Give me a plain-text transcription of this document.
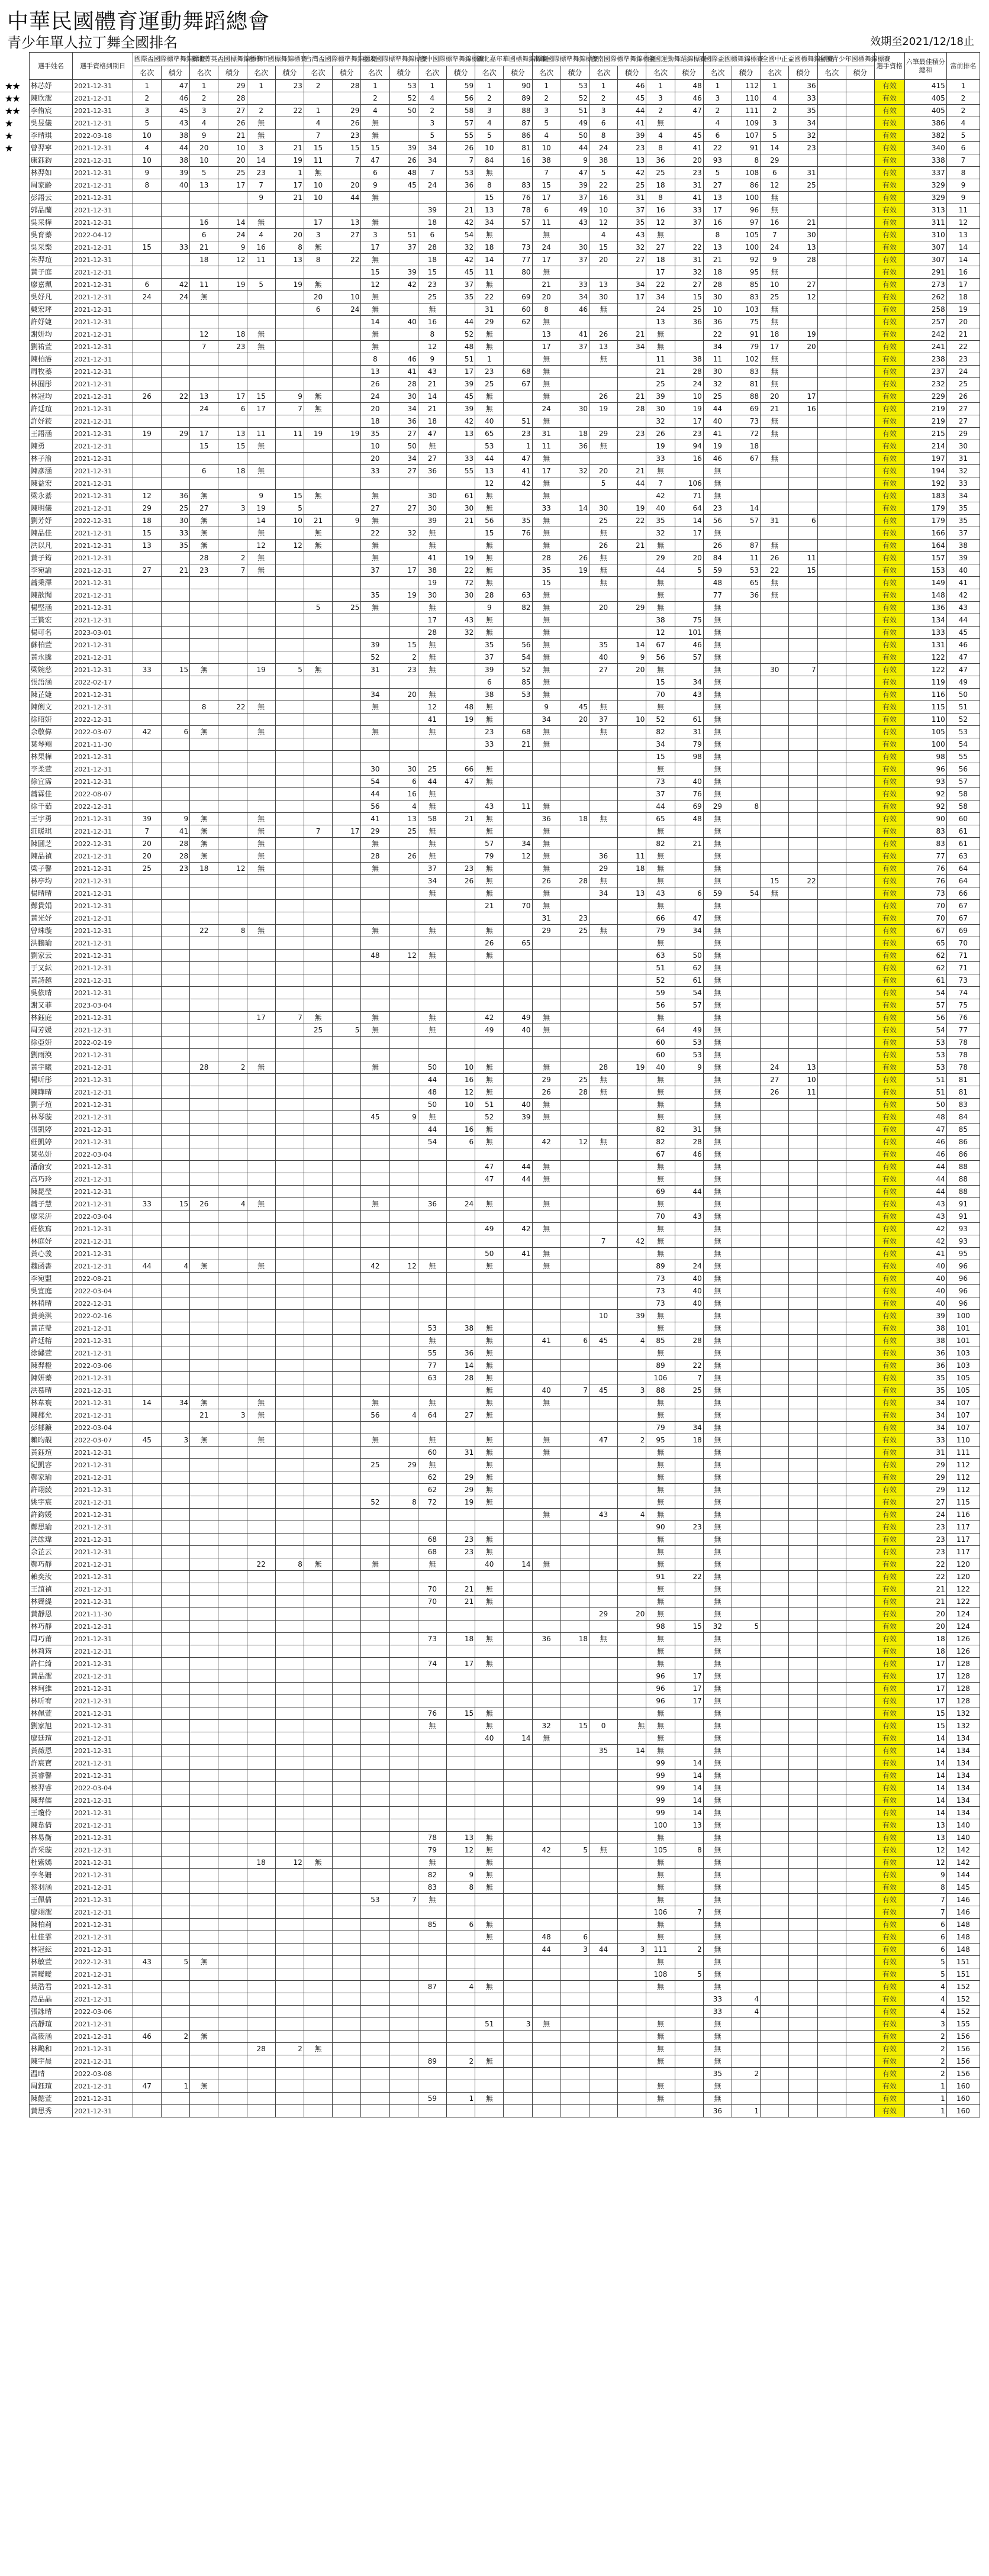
中華民國體育運動舞蹈總會
青少年單人拉丁舞全國排名	效期至2021/12/18止
	選手姓名	選手資格到期日	國際盃國際標準舞錦標賽		新北菁英盃國標舞錦標賽		台中市國標舞錦標賽		台灣盃國際標準舞錦標賽		亞太國際標準舞錦標賽		台中國際標準舞錦標賽		新北嘉年華國標舞錦標賽		高雄國際標準舞錦標賽		台南國際標準舞錦標賽		全國運動舞蹈錦標賽		國際盃國標舞錦標賽		全國中正盃國標舞錦標賽		全國青少年國標舞錦標賽		選手資格	六筆最佳積分總和	當前排名
			名次	積分	名次	積分	名次	積分	名次	積分	名次	積分	名次	積分	名次	積分	名次	積分	名次	積分	名次	積分	名次	積分	名次	積分	名次	積分			
★★	林芯妤	2021-12-31	1	47	1	29	1	23	2	28	1	53	1	59	1	90	1	53	1	46	1	48	1	112	1	36			有效	415	1
★★	陳欣潔	2021-12-31	2	46	2	28					2	52	4	56	2	89	2	52	2	45	3	46	3	110	4	33			有效	405	2
★★	李侑宸	2021-12-31	3	45	3	27	2	22	1	29	4	50	2	58	3	88	3	51	3	44	2	47	2	111	2	35			有效	405	2
★	吳昱儀	2021-12-31	5	43	4	26	無		4	26	無		3	57	4	87	5	49	6	41	無		4	109	3	34			有效	386	4
★	李晴琪	2022-03-18	10	38	9	21	無		7	23	無		5	55	5	86	4	50	8	39	4	45	6	107	5	32			有效	382	5
★	曾羿寧	2021-12-31	4	44	20	10	3	21	15	15	15	39	34	26	10	81	10	44	24	23	8	41	22	91	14	23			有效	340	6
	康鈺鈞	2021-12-31	10	38	10	20	14	19	11	7	47	26	34	7	84	16	38	9	38	13	36	20	93	8	29				有效	338	7
	林羿如	2021-12-31	9	39	5	25	23	1	無		6	48	7	53	無		7	47	5	42	25	23	5	108	6	31			有效	337	8
	周家齡	2021-12-31	8	40	13	17	7	17	10	20	9	45	24	36	8	83	15	39	22	25	18	31	27	86	12	25			有效	329	9
	彭語云	2021-12-31					9	21	10	44	無				15	76	17	37	16	31	8	41	13	100	無				有效	329	9
	郭品蘭	2021-12-31											39	21	13	78	6	49	10	37	16	33	17	96	無				有效	313	11
	吳采樺	2021-12-31			16	14	無		17	13	無		18	42	34	57	11	43	12	35	12	37	16	97	16	21			有效	311	12
	吳育蓁	2022-04-12			6	24	4	20	3	27	3	51	6	54	無		無		4	43	無		8	105	7	30			有效	310	13
	吳采樂	2021-12-31	15	33	21	9	16	8	無		17	37	28	32	18	73	24	30	15	32	27	22	13	100	24	13			有效	307	14
	朱羿瑄	2021-12-31			18	12	11	13	8	22	無		18	42	14	77	17	37	20	27	18	31	21	92	9	28			有效	307	14
	黃子庭	2021-12-31									15	39	15	45	11	80	無				17	32	18	95	無				有效	291	16
	廖嘉珮	2021-12-31	6	42	11	19	5	19	無		12	42	23	37	無		21	33	13	34	22	27	28	85	10	27			有效	273	17
	吳妤凡	2021-12-31	24	24	無				20	10	無		25	35	22	69	20	34	30	17	34	15	30	83	25	12			有效	262	18
	戴宏坪	2021-12-31							6	24	無		無		31	60	8	46	無		24	25	10	103	無				有效	258	19
	許妤婕	2021-12-31									14	40	16	44	29	62	無				13	36	36	75	無				有效	257	20
	謝妍均	2021-12-31			12	18	無				無		8	52	無		13	41	26	21	無		22	91	18	19			有效	242	21
	劉祐萱	2021-12-31			7	23	無				無		12	48	無		17	37	13	34	無		34	79	17	20			有效	241	22
	陳柏濬	2021-12-31									8	46	9	51	1		無		無		11	38	11	102	無				有效	238	23
	周牧蓁	2021-12-31									13	41	43	17	23	68	無				21	28	30	83	無				有效	237	24
	林囿彤	2021-12-31									26	28	21	39	25	67	無				25	24	32	81	無				有效	232	25
	林冠均	2021-12-31	26	22	13	17	15	9	無		24	30	14	45	無		無		26	21	39	10	25	88	20	17			有效	229	26
	許廷瑄	2021-12-31			24	6	17	7	無		20	34	21	39	無		24	30	19	28	30	19	44	69	21	16			有效	219	27
	許妤銨	2021-12-31									18	36	18	42	40	51	無				32	17	40	73	無				有效	219	27
	王語涵	2021-12-31	19	29	17	13	11	11	19	19	35	27	47	13	65	23	31	18	29	23	26	23	41	72	無				有效	215	29
	陳勇	2021-12-31			15	15	無				10	50	無		53	1	11	36	無		19	94	19	18					有效	214	30
	林子渝	2021-12-31									20	34	27	33	44	47	無				33	16	46	67	無				有效	197	31
	陳彥涵	2021-12-31			6	18	無				33	27	36	55	13	41	17	32	20	21	無		無						有效	194	32
	陳益宏	2021-12-31													12	42	無		5	44	7	106	無						有效	192	33
	梁永綦	2021-12-31	12	36	無		9	15	無		無		30	61	無		無				42	71	無						有效	183	34
	陳明儀	2021-12-31	29	25	27	3	19	5			27	27	30	30	無		33	14	30	19	40	64	23	14					有效	179	35
	劉芳妤	2022-12-31	18	30	無		14	10	21	9	無		39	21	56	35	無		25	22	35	14	56	57	31	6			有效	179	35
	陳品佳	2021-12-31	15	33	無		無		無		22	32	無		15	76	無		無		32	17	無						有效	166	37
	洪以凡	2021-12-31	13	35	無		12	12	無		無		無		無		無		26	21	無		26	87	無				有效	164	38
	黃子筠	2021-12-31			28	2	無				無		41	19	無		28	26	無		29	20	84	11	26	11			有效	157	39
	李宛諭	2021-12-31	27	21	23	7	無				37	17	38	22	無		35	19	無		44	5	59	53	22	15			有效	153	40
	蕭秉澤	2021-12-31											19	72	無		15		無		無		48	65	無				有效	149	41
	陳歆聞	2021-12-31									35	19	30	30	28	63	無				無		77	36	無				有效	148	42
	楊堅涵	2021-12-31							5	25	無		無		9	82	無		20	29	無		無						有效	136	43
	王贊宏	2021-12-31											17	43	無		無				38	75	無						有效	134	44
	楊可名	2023-03-01											28	32	無		無				12	101	無						有效	133	45
	蘇柏萱	2021-12-31									39	15	無		35	56	無		35	14	67	46	無						有效	131	46
	黃永騰	2021-12-31									52	2	無		37	54	無		40	9	56	57	無						有效	122	47
	梁婉慈	2021-12-31	33	15	無		19	5	無		31	23	無		39	52	無		27	20	無		無		30	7			有效	122	47
	張語涵	2022-02-17													6	85	無				15	34	無						有效	119	49
	陳芷婕	2021-12-31									34	20	無		38	53	無				70	43	無						有效	116	50
	陳俐文	2021-12-31			8	22	無				無		12	48	無		9	45	無		無		無						有效	115	51
	徐昭妍	2022-12-31											41	19	無		34	20	37	10	52	61	無						有效	110	52
	余敬偉	2022-03-07	42	6	無		無				無		無		23	68	無		無		82	31	無						有效	105	53
	葉琴翔	2021-11-30													33	21	無				34	79	無						有效	100	54
	林果樺	2021-12-31																			15	98	無						有效	98	55
	李柔萱	2021-12-31									30	30	25	66	無						無		無						有效	96	56
	徐宜霈	2021-12-31									54	6	44	47	無						73	40	無						有效	93	57
	蕭霖佳	2022-08-07									44	16	無								37	76	無						有效	92	58
	徐千茹	2022-12-31									56	4	無		43	11	無				44	69	29	8					有效	92	58
	王宇勇	2021-12-31	39	9	無		無				41	13	58	21	無		36	18	無		65	48	無						有效	90	60
	莊暖琪	2021-12-31	7	41	無		無		7	17	29	25	無		無		無				無		無						有效	83	61
	陳圓芝	2022-12-31	20	28	無		無				無		無		57	34	無				82	21	無						有效	83	61
	陳品禎	2021-12-31	20	28	無		無				28	26	無		79	12	無		36	11	無		無						有效	77	63
	梁子馨	2021-12-31	25	23	18	12	無				無		37	23	無		無		29	18	無		無						有效	76	64
	林亭均	2021-12-31											34	26	無		26	28	無		無		無		15	22			有效	76	64
	楊晴晴	2021-12-31											無		無		無		34	13	43	6	59	54	無				有效	73	66
	鄭貴娟	2021-12-31													21	70	無				無		無						有效	70	67
	黃光妤	2021-12-31															31	23			66	47	無						有效	70	67
	曾珠璇	2021-12-31			22	8	無				無		無		無		29	25	無		79	34	無						有效	67	69
	洪鵬瑜	2021-12-31													26	65					無		無						有效	65	70
	劉家云	2021-12-31									48	12	無		無						63	50	無						有效	62	71
	于又紜	2021-12-31																			51	62	無						有效	62	71
	黃詩越	2021-12-31																			52	61	無						有效	61	73
	吳依晴	2021-12-31																			59	54	無						有效	54	74
	謝又菲	2023-03-04																			56	57	無						有效	57	75
	林鈺庭	2021-12-31					17	7	無		無		無		42	49	無				無		無						有效	56	76
	周芳媛	2021-12-31							25	5	無		無		49	40	無				64	49	無						有效	54	77
	徐亞妍	2022-02-19																			60	53	無						有效	53	78
	劉雨漠	2021-12-31																			60	53	無						有效	53	78
	黃宇曦	2021-12-31			28	2	無				無		50	10	無		無		28	19	40	9	無		24	13			有效	53	78
	楊昕彤	2021-12-31											44	16	無		29	25	無		無		無		27	10			有效	51	81
	陳瞱晴	2021-12-31											48	12	無		26	28	無		無		無		26	11			有效	51	81
	劉子瑄	2021-12-31											50	10	51	40	無				無		無						有效	50	83
	林琴璇	2021-12-31									45	9	無		52	39	無				無		無						有效	48	84
	張凱婷	2021-12-31											44	16	無						82	31	無						有效	47	85
	莊凱婷	2021-12-31											54	6	無		42	12	無		82	28	無						有效	46	86
	葉弘妍	2022-03-04																			67	46	無						有效	46	86
	潘俞安	2021-12-31													47	44	無				無		無						有效	44	88
	高巧玲	2021-12-31													47	44	無				無		無						有效	44	88
	陳昆瑩	2021-12-31																			69	44	無						有效	44	88
	蕭子慧	2021-12-31	33	15	26	4	無				無		36	24	無		無				無		無						有效	43	91
	廖采汧	2022-03-04																			70	43	無						有效	43	91
	莊依寫	2021-12-31													49	42	無				無		無						有效	42	93
	林庭妤	2021-12-31																	7	42	無		無						有效	42	93
	黃心義	2021-12-31													50	41	無				無		無						有效	41	95
	魏函書	2021-12-31	44	4	無		無				42	12	無		無		無				89	24	無						有效	40	96
	李宛盟	2022-08-21																			73	40	無						有效	40	96
	吳宜庭	2022-03-04																			73	40	無						有效	40	96
	林稍晴	2022-12-31																			73	40	無						有效	40	96
	黃美淇	2022-02-16																	10	39	無		無						有效	39	100
	黃芷瑩	2021-12-31											53	38	無						無		無						有效	38	101
	許廷榕	2021-12-31											無		無		41	6	45	4	85	28	無						有效	38	101
	徐繡萱	2021-12-31											55	36	無						無		無						有效	36	103
	陳羿橙	2022-03-06											77	14	無						89	22	無						有效	36	103
	陳妍蓁	2021-12-31											63	28	無						106	7	無						有效	35	105
	洪慕晴	2021-12-31													無		40	7	45	3	88	25	無						有效	35	105
	林韋寰	2021-12-31	14	34	無		無				無		無		無		無				無		無						有效	34	107
	陳郡允	2021-12-31			21	3	無				56	4	64	27	無						無		無						有效	34	107
	彭郁鐮	2022-03-04																			79	34	無						有效	34	107
	賴昀靚	2022-03-07	45	3	無		無				無		無		無		無		47	2	95	18	無						有效	33	110
	黃鈺瑄	2021-12-31											60	31	無		無				無		無						有效	31	111
	紀凱容	2021-12-31									25	29	無		無						無		無						有效	29	112
	鄭家瑜	2021-12-31											62	29	無						無		無						有效	29	112
	許翊綾	2021-12-31											62	29	無						無		無						有效	29	112
	姚宇宸	2021-12-31									52	8	72	19	無						無		無						有效	27	115
	許鈞媛	2021-12-31															無		43	4	無		無						有效	24	116
	鄭思瑜	2021-12-31																			90	23	無						有效	23	117
	洪竑瑋	2021-12-31											68	23	無						無		無						有效	23	117
	余芷云	2021-12-31											68	23	無						無		無						有效	23	117
	鄭巧靜	2021-12-31					22	8	無		無		無		40	14	無				無		無						有效	22	120
	賴奕汝	2021-12-31																			91	22	無						有效	22	120
	王誼禎	2021-12-31											70	21	無						無		無						有效	21	122
	林霽緹	2021-12-31											70	21	無						無		無						有效	21	122
	黃靜恩	2021-11-30																	29	20	無		無						有效	20	124
	林巧靜	2021-12-31																			98	15	32	5					有效	20	124
	周巧莆	2021-12-31											73	18	無		36	18	無		無		無						有效	18	126
	林莉筠	2021-12-31																			無		無						有效	18	126
	許仁綺	2021-12-31											74	17	無						無		無						有效	17	128
	黃品潔	2021-12-31																			96	17	無						有效	17	128
	林珂維	2021-12-31																			96	17	無						有效	17	128
	林昕宥	2021-12-31																			96	17	無						有效	17	128
	林佩萱	2021-12-31											76	15	無						無		無						有效	15	132
	劉家旭	2021-12-31											無		無		32	15	0	無	無		無						有效	15	132
	廖廷瑄	2021-12-31													40	14	無				無		無						有效	14	134
	黃薇恩	2021-12-31																	35	14	無		無						有效	14	134
	許宸寶	2021-12-31																			99	14	無						有效	14	134
	黃睿馨	2021-12-31																			99	14	無						有效	14	134
	蔡羿睿	2022-03-04																			99	14	無						有效	14	134
	陳羿儒	2021-12-31																			99	14	無						有效	14	134
	王瓊伶	2021-12-31																			99	14	無						有效	14	134
	陳韋倩	2021-12-31																			100	13	無						有效	13	140
	林易衡	2021-12-31											78	13	無						無		無						有效	13	140
	許采璇	2021-12-31											79	12	無		42	5	無		105	8	無						有效	12	142
	杜紫嫣	2021-12-31					18	12	無				無		無						無		無						有效	12	142
	李冬姍	2021-12-31											82	9	無						無		無						有效	9	144
	蔡羽涵	2021-12-31											83	8	無						無		無						有效	8	145
	王佩倩	2021-12-31									53	7	無								無		無						有效	7	146
	廖翊潔	2021-12-31																			106	7	無						有效	7	146
	陳柏莉	2021-12-31											85	6	無						無		無						有效	6	148
	杜佳霏	2021-12-31													無		48	6			無		無						有效	6	148
	林冠紜	2021-12-31															44	3	44	3	111	2	無						有效	6	148
	林敏萱	2022-12-31	43	5	無																無		無						有效	5	151
	黃曖曖	2021-12-31																			108	5	無						有效	5	151
	葉浩君	2021-12-31											87	4	無						無		無						有效	4	152
	范品晶	2021-12-31																					33	4					有效	4	152
	張詠晴	2022-03-06																					33	4					有效	4	152
	高靜瑄	2021-12-31													51	3	無				無		無						有效	3	155
	高筱涵	2021-12-31	46	2	無																無		無						有效	2	156
	林鷗和	2021-12-31					28	2	無												無		無						有效	2	156
	陳宇晨	2021-12-31											89	2	無						無		無						有效	2	156
	温晴	2022-03-08																					35	2					有效	2	156
	周鈺瑄	2021-12-31	47	1	無																無		無						有效	1	160
	陳懿萱	2021-12-31											59	1	無						無		無						有效	1	160
	黃思秀	2021-12-31																					36	1					有效	1	160
